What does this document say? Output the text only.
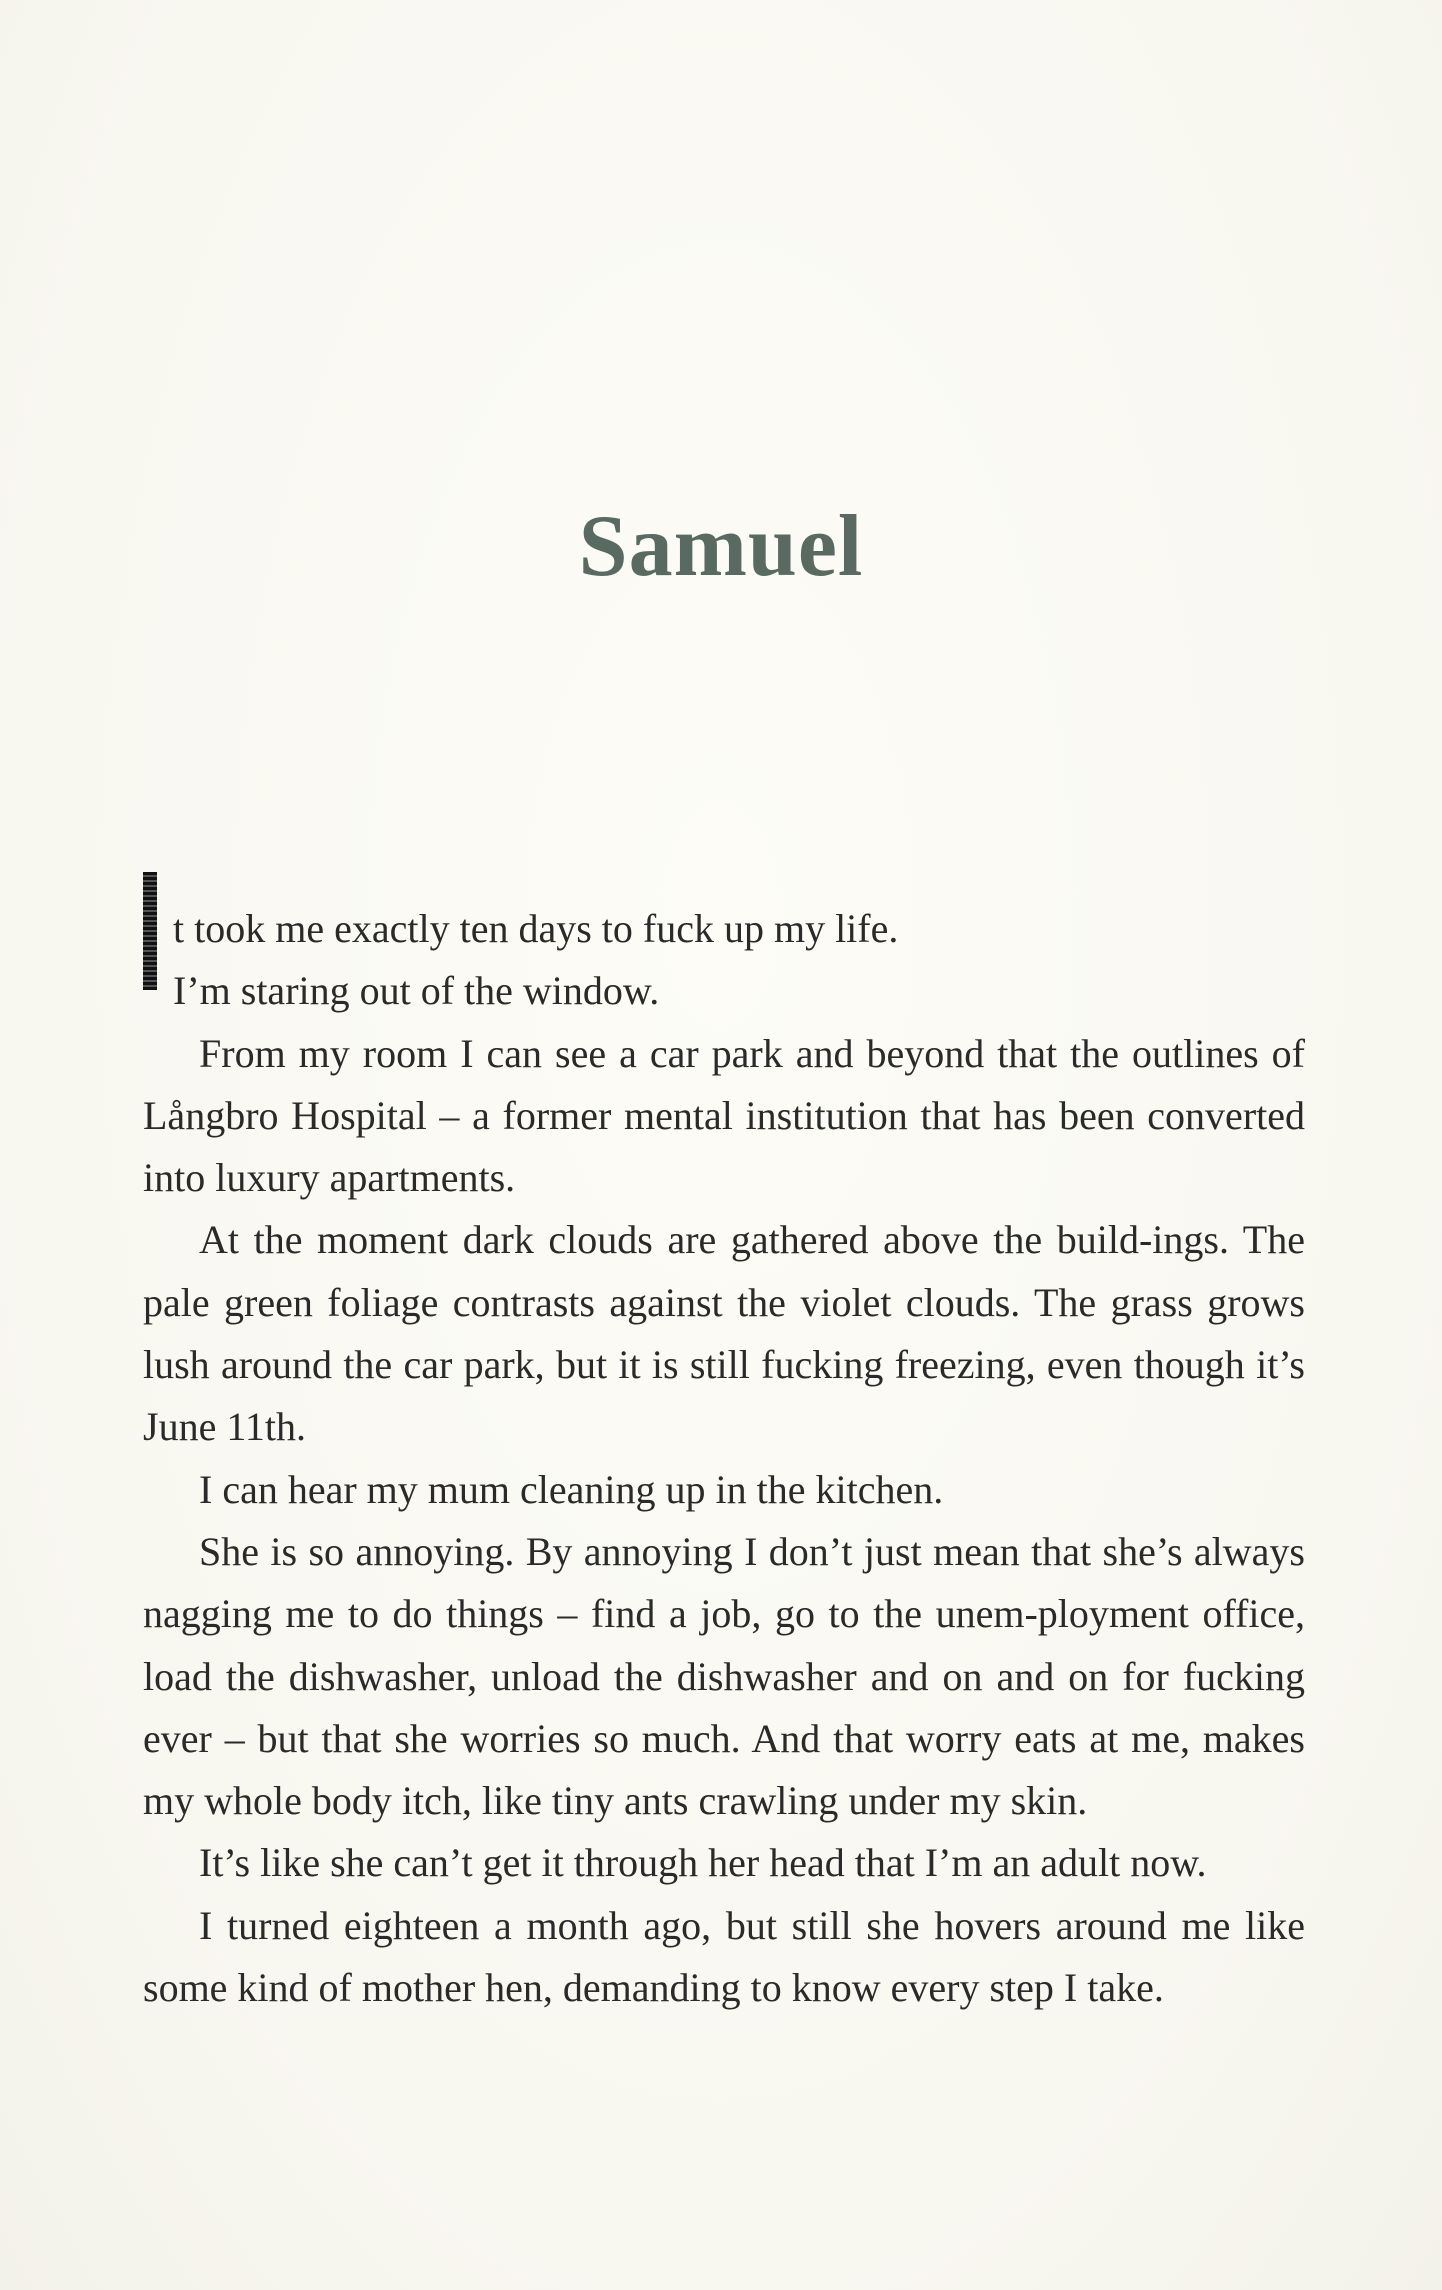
Samuel
t took me exactly ten days to fuck up my life.
I’m staring out of the window.

From my room I can see a car park and beyond that the outlines of Långbro Hospital – a former mental institution that has been converted into luxury apartments.

At the moment dark clouds are gathered above the build-ings. The pale green foliage contrasts against the violet clouds. The grass grows lush around the car park, but it is still fucking freezing, even though it’s June 11th.

I can hear my mum cleaning up in the kitchen.

She is so annoying. By annoying I don’t just mean that she’s always nagging me to do things – find a job, go to the unem-ployment office, load the dishwasher, unload the dishwasher and on and on for fucking ever – but that she worries so much. And that worry eats at me, makes my whole body itch, like tiny ants crawling under my skin.

It’s like she can’t get it through her head that I’m an adult now.

I turned eighteen a month ago, but still she hovers around me like some kind of mother hen, demanding to know every step I take.
